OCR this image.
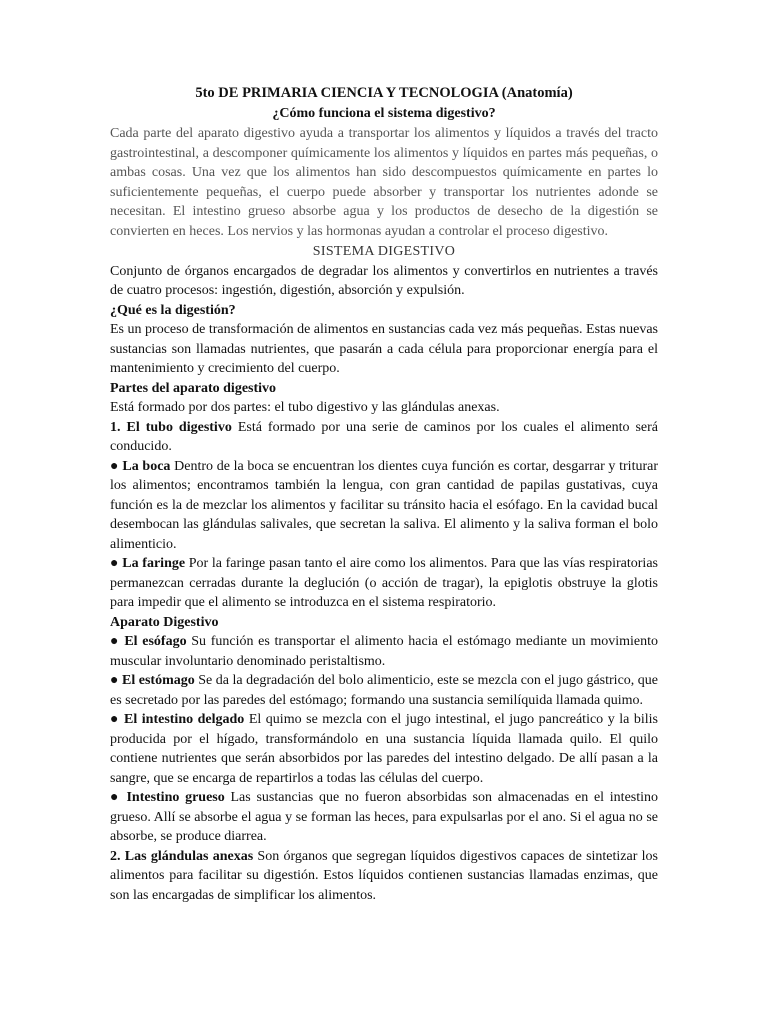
5to DE PRIMARIA CIENCIA Y TECNOLOGIA (Anatomía)

¿Cómo funciona el sistema digestivo?

Cada parte del aparato digestivo ayuda a transportar los alimentos y líquidos a través del tracto gastrointestinal, a descomponer químicamente los alimentos y líquidos en partes más pequeñas, o ambas cosas. Una vez que los alimentos han sido descompuestos químicamente en partes lo suficientemente pequeñas, el cuerpo puede absorber y transportar los nutrientes adonde se necesitan. El intestino grueso absorbe agua y los productos de desecho de la digestión se convierten en heces. Los nervios y las hormonas ayudan a controlar el proceso digestivo.

SISTEMA DIGESTIVO

Conjunto de órganos encargados de degradar los alimentos y convertirlos en nutrientes a través de cuatro procesos: ingestión, digestión, absorción y expulsión.

¿Qué es la digestión?

Es un proceso de transformación de alimentos en sustancias cada vez más pequeñas. Estas nuevas sustancias son llamadas nutrientes, que pasarán a cada célula para proporcionar energía para el mantenimiento y crecimiento del cuerpo.

Partes del aparato digestivo

Está formado por dos partes: el tubo digestivo y las glándulas anexas.

1. El tubo digestivo Está formado por una serie de caminos por los cuales el alimento será conducido.

● La boca Dentro de la boca se encuentran los dientes cuya función es cortar, desgarrar y triturar los alimentos; encontramos también la lengua, con gran cantidad de papilas gustativas, cuya función es la de mezclar los alimentos y facilitar su tránsito hacia el esófago. En la cavidad bucal desembocan las glándulas salivales, que secretan la saliva. El alimento y la saliva forman el bolo alimenticio.

● La faringe Por la faringe pasan tanto el aire como los alimentos. Para que las vías respiratorias permanezcan cerradas durante la deglución (o acción de tragar), la epiglotis obstruye la glotis para impedir que el alimento se introduzca en el sistema respiratorio.

Aparato Digestivo

● El esófago Su función es transportar el alimento hacia el estómago mediante un movimiento muscular involuntario denominado peristaltismo.

● El estómago Se da la degradación del bolo alimenticio, este se mezcla con el jugo gástrico, que es secretado por las paredes del estómago; formando una sustancia semilíquida llamada quimo.

● El intestino delgado El quimo se mezcla con el jugo intestinal, el jugo pancreático y la bilis producida por el hígado, transformándolo en una sustancia líquida llamada quilo. El quilo contiene nutrientes que serán absorbidos por las paredes del intestino delgado. De allí pasan a la sangre, que se encarga de repartirlos a todas las células del cuerpo.

● Intestino grueso Las sustancias que no fueron absorbidas son almacenadas en el intestino grueso. Allí se absorbe el agua y se forman las heces, para expulsarlas por el ano. Si el agua no se absorbe, se produce diarrea.

2. Las glándulas anexas Son órganos que segregan líquidos digestivos capaces de sintetizar los alimentos para facilitar su digestión. Estos líquidos contienen sustancias llamadas enzimas, que son las encargadas de simplificar los alimentos.
